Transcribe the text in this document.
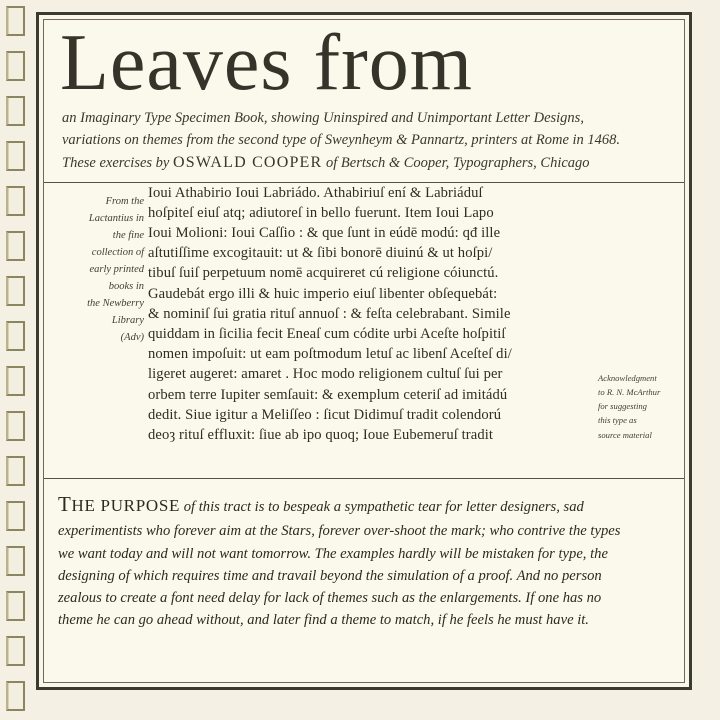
Leaves from
an Imaginary Type Specimen Book, showing Uninspired and Unimportant Letter Designs,
variations on themes from the second type of Sweynheym & Pannartz, printers at Rome in 1468.
These exercises by OSWALD COOPER of Bertsch & Cooper, Typographers, Chicago
From the
Lactantius in
the fine
collection of
early printed
books in
the Newberry
Library
(Adv)
Ioui Athabirio Ioui Labriádo. Athabiriuſ ení & Labriáduſ
hoſpiteſ eiuſ atq; adiutoreſ in bello fuerunt. Item Ioui Lapo
Ioui Molioni: Ioui Caſſio : & que ſunt in eúdē modú: qđ ille
aſtutiſſime excogitauit: ut & ſibi bonorē diuinú & ut hoſpi/
tibuſ ſuiſ perpetuum nomē acquireret cú religione cóiunctú.
Gaudebát ergo illi & huic imperio eiuſ libenter obſequebát:
& nominiſ ſui gratia rituſ annuoſ : & feſta celebrabant. Simile
quiddam in ſicilia fecit Eneaſ cum códite urbi Aceſte hoſpitiſ
nomen impoſuit: ut eam poſtmodum letuſ ac libenſ Aceſteſ di/
ligeret augeret: amaret . Hoc modo religionem cultuſ ſui per
orbem terre Iupiter semſauit: & exemplum ceteriſ ad imitádú
dedit. Siue igitur a Meliſſeo : ſicut Didimuſ tradit colendorú
deoȝ rituſ effluxit: ſiue ab ipo quoq; Ioue Eubemeruſ tradit
Acknowledgment
to R. N. McArthur
for suggesting
this type as
source material
THE PURPOSE of this tract is to bespeak a sympathetic tear for letter designers, sad
experimentists who forever aim at the Stars, forever over-shoot the mark; who contrive the types
we want today and will not want tomorrow. The examples hardly will be mistaken for type, the
designing of which requires time and travail beyond the simulation of a proof. And no person
zealous to create a font need delay for lack of themes such as the enlargements. If one has no
theme he can go ahead without, and later find a theme to match, if he feels he must have it.
